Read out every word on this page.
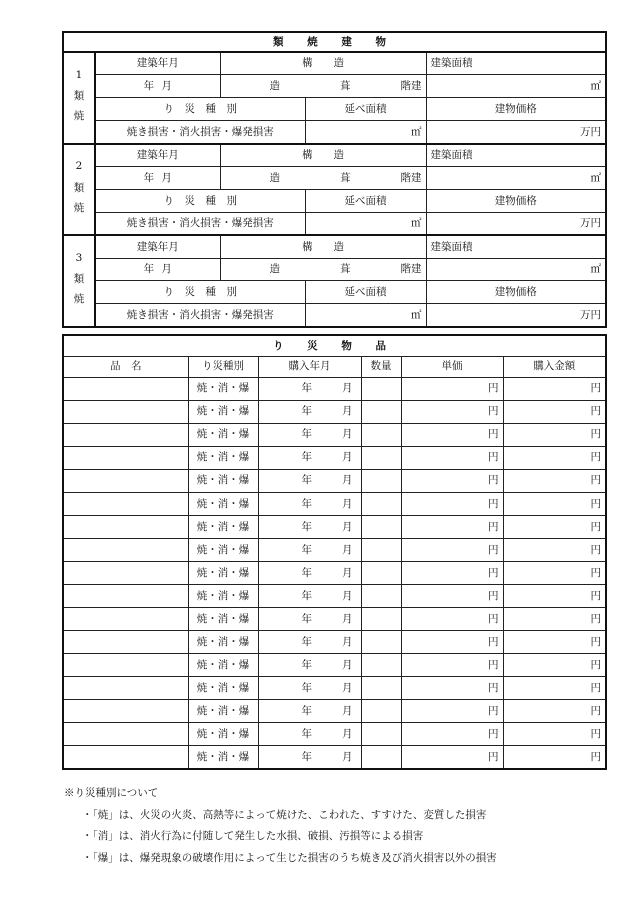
類 焼 建 物				

1
類
焼	建築年月	構　　造		建築面積

	年 月	造 葺 階建		㎡
	り　災　種　別		延べ面積	建物価格
	焼き損害・消火損害・爆発損害		㎡	万円

2
類
焼	建築年月	構　　造		建築面積

	年 月	造 葺 階建		㎡
	り　災　種　別		延べ面積	建物価格
	焼き損害・消火損害・爆発損害		㎡	万円

3
類
焼	建築年月	構　　造		建築面積

	年 月	造 葺 階建		㎡
	り　災　種　別		延べ面積	建物価格
	焼き損害・消火損害・爆発損害		㎡	万円
り 災 物 品					
品　名	り災種別	購入年月	数量	単価	購入金額
	焼・消・爆	年 月		円	円
	焼・消・爆	年 月		円	円
	焼・消・爆	年 月		円	円
	焼・消・爆	年 月		円	円
	焼・消・爆	年 月		円	円
	焼・消・爆	年 月		円	円
	焼・消・爆	年 月		円	円
	焼・消・爆	年 月		円	円
	焼・消・爆	年 月		円	円
	焼・消・爆	年 月		円	円
	焼・消・爆	年 月		円	円
	焼・消・爆	年 月		円	円
	焼・消・爆	年 月		円	円
	焼・消・爆	年 月		円	円
	焼・消・爆	年 月		円	円
	焼・消・爆	年 月		円	円
	焼・消・爆	年 月		円	円
※り災種別について
・「焼」は、火災の火炎、高熱等によって焼けた、こわれた、すすけた、変質した損害
・「消」は、消火行為に付随して発生した水損、破損、汚損等による損害
・「爆」は、爆発現象の破壊作用によって生じた損害のうち焼き及び消火損害以外の損害
